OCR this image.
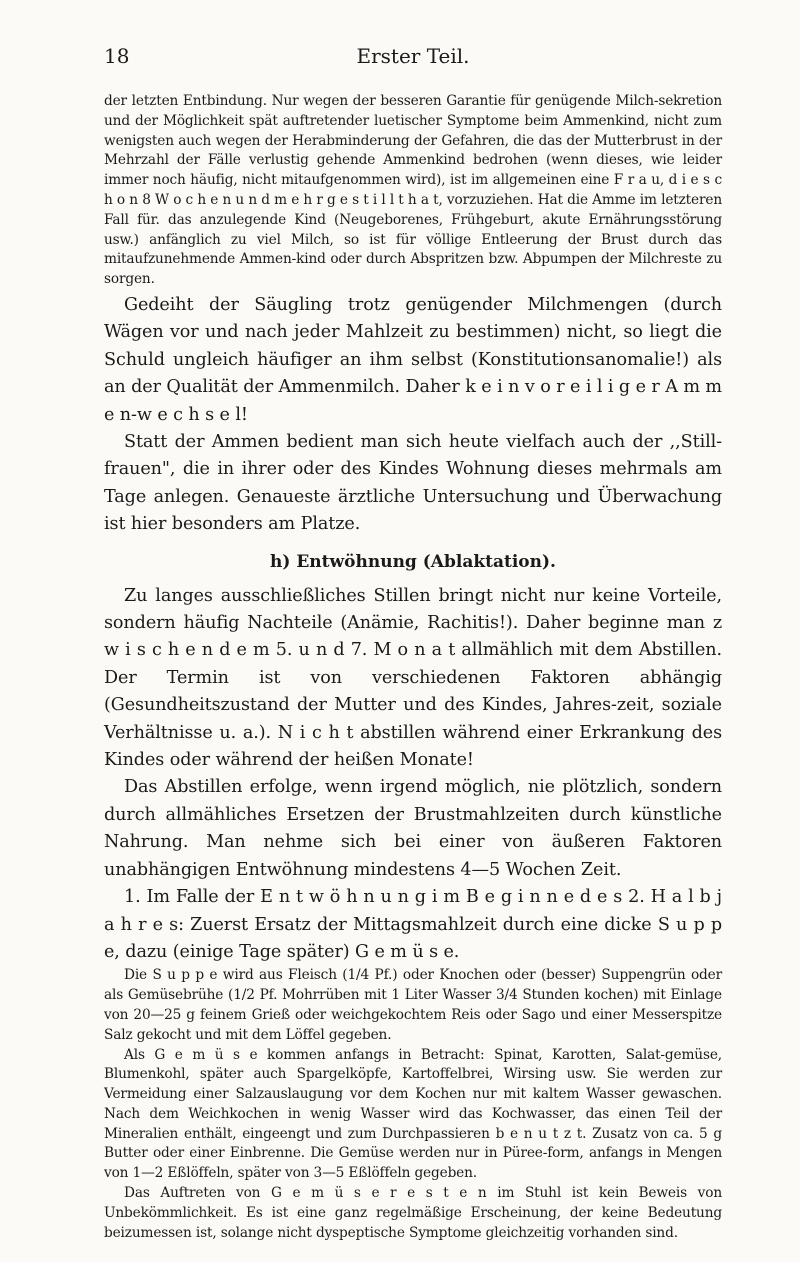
18	Erster Teil.

der letzten Entbindung. Nur wegen der besseren Garantie für genügende Milch-sekretion und der Möglichkeit spät auftretender luetischer Symptome beim Ammenkind, nicht zum wenigsten auch wegen der Herabminderung der Gefahren, die das der Mutterbrust in der Mehrzahl der Fälle verlustig gehende Ammenkind bedrohen (wenn dieses, wie leider immer noch häufig, nicht mitaufgenommen wird), ist im allgemeinen eine F r a u, d i e s c h o n 8 W o c h e n u n d m e h r g e s t i l l t h a t, vorzuziehen. Hat die Amme im letzteren Fall für. das anzulegende Kind (Neugeborenes, Frühgeburt, akute Ernährungsstörung usw.) anfänglich zu viel Milch, so ist für völlige Entleerung der Brust durch das mitaufzunehmende Ammen-kind oder durch Abspritzen bzw. Abpumpen der Milchreste zu sorgen.

Gedeiht der Säugling trotz genügender Milchmengen (durch Wägen vor und nach jeder Mahlzeit zu bestimmen) nicht, so liegt die Schuld ungleich häufiger an ihm selbst (Konstitutionsanomalie!) als an der Qualität der Ammenmilch. Daher k e i n v o r e i l i g e r A m m e n-w e c h s e l!

Statt der Ammen bedient man sich heute vielfach auch der ,,Still-frauen", die in ihrer oder des Kindes Wohnung dieses mehrmals am Tage anlegen. Genaueste ärztliche Untersuchung und Überwachung ist hier besonders am Platze.

h) Entwöhnung (Ablaktation).

Zu langes ausschließliches Stillen bringt nicht nur keine Vorteile, sondern häufig Nachteile (Anämie, Rachitis!). Daher beginne man z w i s c h e n d e m 5. u n d 7. M o n a t allmählich mit dem Abstillen. Der Termin ist von verschiedenen Faktoren abhängig (Gesundheitszustand der Mutter und des Kindes, Jahres-zeit, soziale Verhältnisse u. a.). N i c h t abstillen während einer Erkrankung des Kindes oder während der heißen Monate!

Das Abstillen erfolge, wenn irgend möglich, nie plötzlich, sondern durch allmähliches Ersetzen der Brustmahlzeiten durch künstliche Nahrung. Man nehme sich bei einer von äußeren Faktoren unabhängigen Entwöhnung mindestens 4—5 Wochen Zeit.

1. Im Falle der E n t w ö h n u n g i m B e g i n n e d e s 2. H a l b j a h r e s: Zuerst Ersatz der Mittagsmahlzeit durch eine dicke S u p p e, dazu (einige Tage später) G e m ü s e.

Die S u p p e wird aus Fleisch (1/4 Pf.) oder Knochen oder (besser) Suppengrün oder als Gemüsebrühe (1/2 Pf. Mohrrüben mit 1 Liter Wasser 3/4 Stunden kochen) mit Einlage von 20—25 g feinem Grieß oder weichgekochtem Reis oder Sago und einer Messerspitze Salz gekocht und mit dem Löffel gegeben.

Als G e m ü s e kommen anfangs in Betracht: Spinat, Karotten, Salat-gemüse, Blumenkohl, später auch Spargelköpfe, Kartoffelbrei, Wirsing usw. Sie werden zur Vermeidung einer Salzauslaugung vor dem Kochen nur mit kaltem Wasser gewaschen. Nach dem Weichkochen in wenig Wasser wird das Kochwasser, das einen Teil der Mineralien enthält, eingeengt und zum Durchpassieren b e n u t z t. Zusatz von ca. 5 g Butter oder einer Einbrenne. Die Gemüse werden nur in Püree-form, anfangs in Mengen von 1—2 Eßlöffeln, später von 3—5 Eßlöffeln gegeben.

Das Auftreten von G e m ü s e r e s t e n im Stuhl ist kein Beweis von Unbekömmlichkeit. Es ist eine ganz regelmäßige Erscheinung, der keine Bedeutung beizumessen ist, solange nicht dyspeptische Symptome gleichzeitig vorhanden sind.
